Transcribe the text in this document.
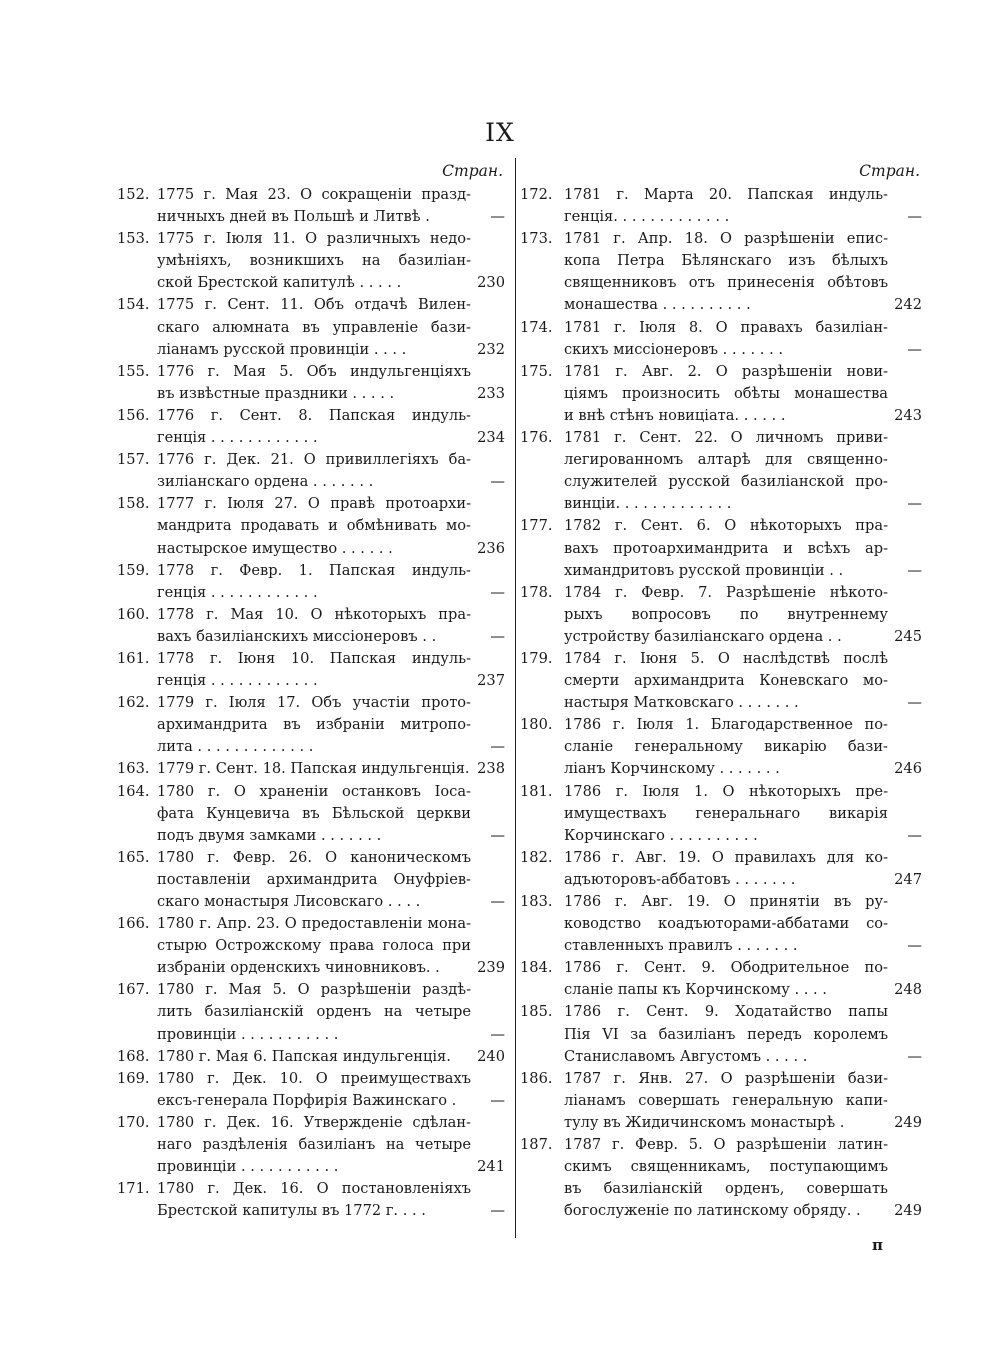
IX
Стран.
152. 1775 г. Мая 23. О сокращеніи празд-
ничныхъ дней въ Польшѣ и Литвѣ .	—
153. 1775 г. Іюля 11. О различныхъ недо-
умѣніяхъ, возникшихъ на базиліан-
ской Брестской капитулѣ . . . . .	230
154. 1775 г. Сент. 11. Объ отдачѣ Вилен-
скаго алюмната въ управленіе бази-
ліанамъ русской провинціи . . . .	232
155. 1776 г. Мая 5. Объ индульгенціяхъ
въ извѣстные праздники . . . . .	233
156. 1776 г. Сент. 8. Папская индуль-
генція . . . . . . . . . . . .	234
157. 1776 г. Дек. 21. О привиллегіяхъ ба-
зиліанскаго ордена . . . . . . .	—
158. 1777 г. Іюля 27. О правѣ протоархи-
мандрита продавать и обмѣнивать мо-
настырское имущество . . . . . .	236
159. 1778 г. Февр. 1. Папская индуль-
генція . . . . . . . . . . . .	—
160. 1778 г. Мая 10. О нѣкоторыхъ пра-
вахъ базиліанскихъ миссіонеровъ . .	—
161. 1778 г. Іюня 10. Папская индуль-
генція . . . . . . . . . . . .	237
162. 1779 г. Іюля 17. Объ участіи прото-
архимандрита въ избраніи митропо-
лита . . . . . . . . . . . . .	—
163. 1779 г. Сент. 18. Папская индульгенція. 238
164. 1780 г. О храненіи останковъ Іоса-
фата Кунцевича въ Бѣльской церкви
подъ двумя замками . . . . . . .	—
165. 1780 г. Февр. 26. О каноническомъ
поставленіи архимандрита Онуфріев-
скаго монастыря Лисовскаго . . . .	—
166. 1780 г. Апр. 23. О предоставленіи мона-
стырю Острожскому права голоса при
избраніи орденскихъ чиновниковъ. .	239
167. 1780 г. Мая 5. О разрѣшеніи раздѣ-
лить базиліанскій орденъ на четыре
провинціи . . . . . . . . . . .	—
168. 1780 г. Мая 6. Папская индульгенція.	240
169. 1780 г. Дек. 10. О преимуществахъ
ексъ-генерала Порфирія Важинскаго .	—
170. 1780 г. Дек. 16. Утвержденіе сдѣлан-
наго раздѣленія базиліанъ на четыре
провинціи . . . . . . . . . . .	241
171. 1780 г. Дек. 16. О постановленіяхъ
Брестской капитулы въ 1772 г. . . .	—
Стран.
172. 1781 г. Марта 20. Папская индуль-
генція. . . . . . . . . . . . .	—
173. 1781 г. Апр. 18. О разрѣшеніи епис-
копа Петра Бѣлянскаго изъ бѣлыхъ
священниковъ отъ принесенія обѣтовъ
монашества . . . . . . . . . .	242
174. 1781 г. Іюля 8. О правахъ базиліан-
скихъ миссіонеровъ . . . . . . .	—
175. 1781 г. Авг. 2. О разрѣшеніи нови-
ціямъ произносить обѣты монашества
и внѣ стѣнъ новиціата. . . . . .	243
176. 1781 г. Сент. 22. О личномъ приви-
легированномъ алтарѣ для священно-
служителей русской базиліанской про-
винціи. . . . . . . . . . . . .	—
177. 1782 г. Сент. 6. О нѣкоторыхъ пра-
вахъ протоархимандрита и всѣхъ ар-
химандритовъ русской провинціи . .	—
178. 1784 г. Февр. 7. Разрѣшеніе нѣкото-
рыхъ вопросовъ по внутреннему
устройству базиліанскаго ордена . .	245
179. 1784 г. Іюня 5. О наслѣдствѣ послѣ
смерти архимандрита Коневскаго мо-
настыря Матковскаго . . . . . . .	—
180. 1786 г. Іюля 1. Благодарственное по-
сланіе генеральному викарію бази-
ліанъ Корчинскому . . . . . . .	246
181. 1786 г. Іюля 1. О нѣкоторыхъ пре-
имуществахъ генеральнаго викарія
Корчинскаго . . . . . . . . . .	—
182. 1786 г. Авг. 19. О правилахъ для ко-
адъюторовъ-аббатовъ . . . . . . .	247
183. 1786 г. Авг. 19. О принятіи въ ру-
ководство коадъюторами-аббатами со-
ставленныхъ правилъ . . . . . . .	—
184. 1786 г. Сент. 9. Ободрительное по-
сланіе папы къ Корчинскому . . . .	248
185. 1786 г. Сент. 9. Ходатайство папы
Пія VI за базиліанъ передъ королемъ
Станиславомъ Августомъ . . . . .	—
186. 1787 г. Янв. 27. О разрѣшеніи бази-
ліанамъ совершать генеральную капи-
тулу въ Жидичинскомъ монастырѣ .	249
187. 1787 г. Февр. 5. О разрѣшеніи латин-
скимъ священникамъ, поступающимъ
въ базиліанскій орденъ, совершать
богослуженіе по латинскому обряду. .	249
п
